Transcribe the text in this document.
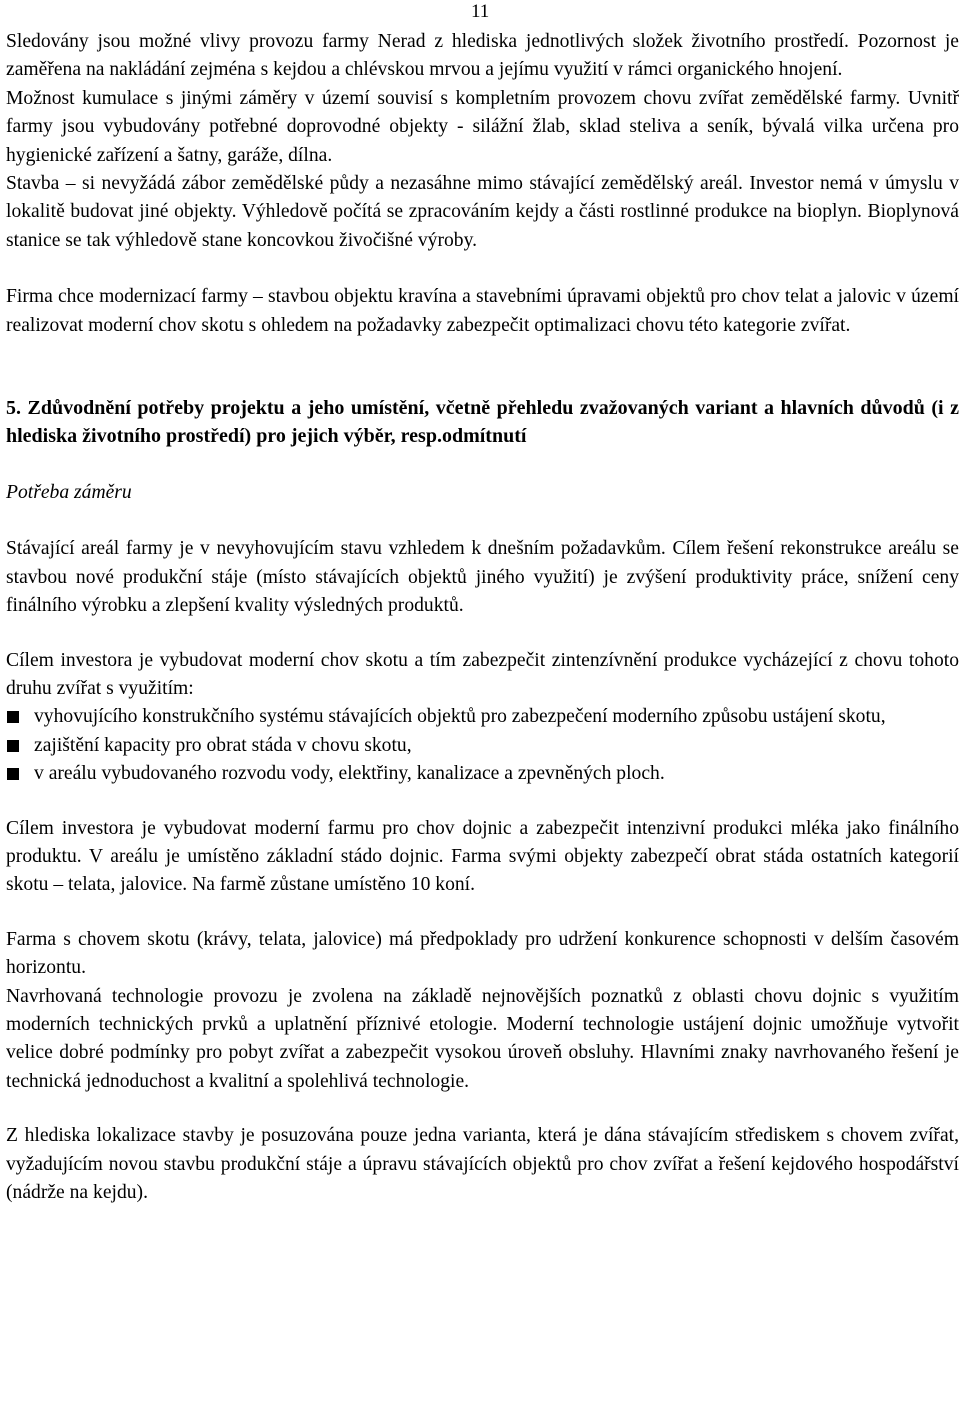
11

Sledovány jsou možné vlivy provozu farmy Nerad z hlediska jednotlivých složek životního prostředí. Pozornost je zaměřena na nakládání zejména s kejdou a chlévskou mrvou a jejímu využití v rámci organického hnojení.

Možnost kumulace s jinými záměry v území souvisí s kompletním provozem chovu zvířat zemědělské farmy. Uvnitř farmy jsou vybudovány potřebné doprovodné objekty - silážní žlab, sklad steliva a seník, bývalá vilka určena pro hygienické zařízení a šatny, garáže, dílna.

Stavba – si nevyžádá zábor zemědělské půdy a nezasáhne mimo stávající zemědělský areál. Investor nemá v úmyslu v lokalitě budovat jiné objekty. Výhledově počítá se zpracováním kejdy a části rostlinné produkce na bioplyn. Bioplynová stanice se tak výhledově stane koncovkou živočišné výroby.

Firma chce modernizací farmy – stavbou objektu kravína a stavebními úpravami objektů pro chov telat a jalovic v území realizovat moderní chov skotu s ohledem na požadavky zabezpečit optimalizaci chovu této kategorie zvířat.

5. Zdůvodnění potřeby projektu a jeho umístění, včetně přehledu zvažovaných variant a hlavních důvodů (i z hlediska životního prostředí) pro jejich výběr, resp.odmítnutí

Potřeba záměru

Stávající areál farmy je v nevyhovujícím stavu vzhledem k dnešním požadavkům. Cílem řešení rekonstrukce areálu se stavbou nové produkční stáje (místo stávajících objektů jiného využití) je zvýšení produktivity práce, snížení ceny finálního výrobku a zlepšení kvality výsledných produktů.

Cílem investora je vybudovat moderní chov skotu a tím zabezpečit zintenzívnění produkce vycházející z chovu tohoto druhu zvířat s využitím:

vyhovujícího konstrukčního systému stávajících objektů pro zabezpečení moderního způsobu ustájení skotu,
zajištění kapacity pro obrat stáda v chovu skotu,
v areálu vybudovaného rozvodu vody, elektřiny, kanalizace a zpevněných ploch.

Cílem investora je vybudovat moderní farmu pro chov dojnic a zabezpečit intenzivní produkci mléka jako finálního produktu. V areálu je umístěno základní stádo dojnic. Farma svými objekty zabezpečí obrat stáda ostatních kategorií skotu – telata, jalovice. Na farmě zůstane umístěno 10 koní.

Farma s chovem skotu (krávy, telata, jalovice) má předpoklady pro udržení konkurence schopnosti v delším časovém horizontu.

Navrhovaná technologie provozu je zvolena na základě nejnovějších poznatků z oblasti chovu dojnic s využitím moderních technických prvků a uplatnění příznivé etologie. Moderní technologie ustájení dojnic umožňuje vytvořit velice dobré podmínky pro pobyt zvířat a zabezpečit vysokou úroveň obsluhy. Hlavními znaky navrhovaného řešení je technická jednoduchost a kvalitní a spolehlivá technologie.

Z hlediska lokalizace stavby je posuzována pouze jedna varianta, která je dána stávajícím střediskem s chovem zvířat, vyžadujícím novou stavbu produkční stáje a úpravu stávajících objektů pro chov zvířat a řešení kejdového hospodářství (nádrže na kejdu).
